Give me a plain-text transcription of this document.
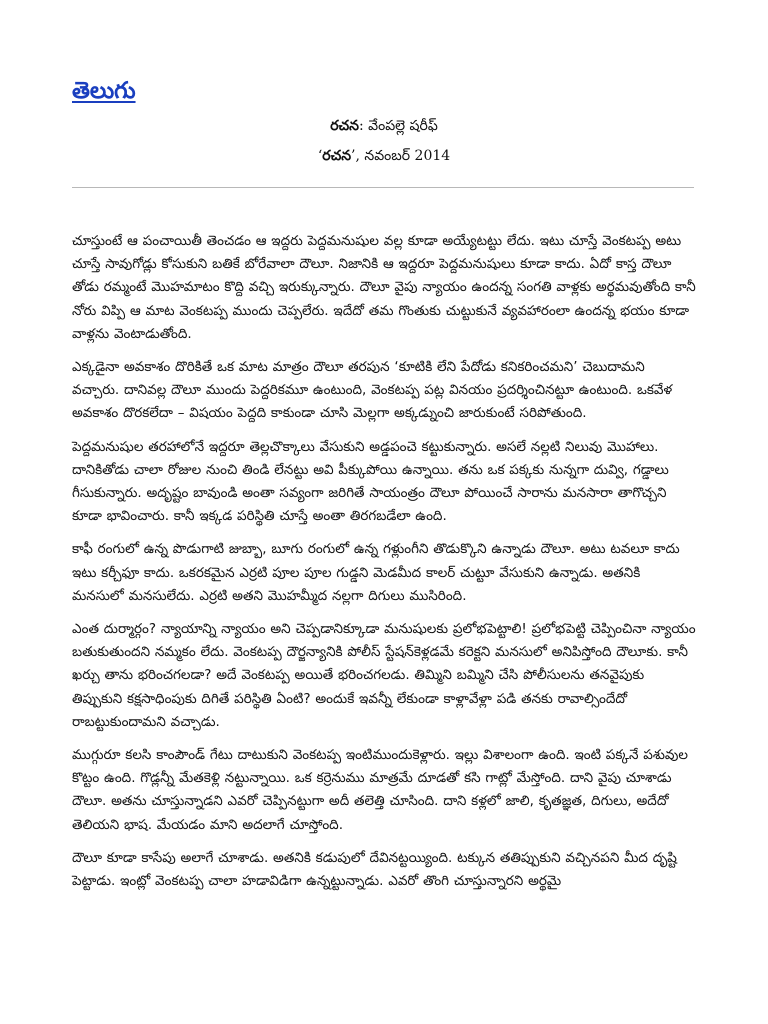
తెలుగు
రచన: వేంపల్లె షరీఫ్
‘రచన’, నవంబర్ 2014

చూస్తుంటే ఆ పంచాయితీ తెంచడం ఆ ఇద్దరు పెద్దమనుషుల వల్ల కూడా అయ్యేటట్టు లేదు. ఇటు చూస్తే వెంకటప్ప అటు చూస్తే సావుగోడ్లు కోసుకుని బతికే బోరేవాలా దౌలూ. నిజానికి ఆ ఇద్దరూ పెద్దమనుషులు కూడా కాదు. ఏదో కాస్త దౌలూ తోడు రమ్మంటే మొహమాటం కొద్ది వచ్చి ఇరుక్కున్నారు. దౌలూ వైపు న్యాయం ఉందన్న సంగతి వాళ్లకు అర్థమవుతోంది కానీ నోరు విప్పి ఆ మాట వెంకటప్ప ముందు చెప్పలేరు. ఇదేదో తమ గొంతుకు చుట్టుకునే వ్యవహారంలా ఉందన్న భయం కూడా వాళ్లను వెంటాడుతోంది.

ఎక్కడైనా అవకాశం దొరికితే ఒక మాట మాత్రం దౌలూ తరపున ‘కూటికి లేని పేదోడు కనికరించమని’ చెబుదామని వచ్చారు. దానివల్ల దౌలూ ముందు పెద్దరికమూ ఉంటుంది, వెంకటప్ప పట్ల వినయం ప్రదర్శించినట్టూ ఉంటుంది. ఒకవేళ అవకాశం దొరకలేదా – విషయం పెద్దది కాకుండా చూసి మెల్లగా అక్కడ్నుంచి జారుకుంటే సరిపోతుంది.

పెద్దమనుషుల తరహాలోనే ఇద్దరూ తెల్లచొక్కాలు వేసుకుని అడ్డపంచె కట్టుకున్నారు. అసలే నల్లటి నిలువు మొహాలు. దానికితోడు చాలా రోజుల నుంచి తిండి లేనట్టు అవి పీక్కుపోయి ఉన్నాయి. తను ఒక పక్కకు నున్నగా దువ్వి, గడ్డాలు గీసుకున్నారు. అదృష్టం బావుండి అంతా సవ్యంగా జరిగితే సాయంత్రం దౌలూ పోయించే సారాను మనసారా తాగొచ్చని కూడా భావించారు. కానీ ఇక్కడ పరిస్థితి చూస్తే అంతా తిరగబడేలా ఉంది.

కాఫీ రంగులో ఉన్న పొడుగాటి జుబ్బా, బూగు రంగులో ఉన్న గళ్లుంగీని తొడుక్కొని ఉన్నాడు దౌలూ. అటు టవలూ కాదు ఇటు కర్చీఫూ కాదు. ఒకరకమైన ఎర్రటి పూల పూల గుడ్డని మెడమీద కాలర్ చుట్టూ వేసుకుని ఉన్నాడు. అతనికి మనసులో మనసులేదు. ఎర్రటి అతని మొహమ్మీద నల్లగా దిగులు ముసిరింది.

ఎంత దుర్మార్గం? న్యాయాన్ని న్యాయం అని చెప్పడానిక్కూడా మనుషులకు ప్రలోభపెట్టాలి! ప్రలోభపెట్టి చెప్పించినా న్యాయం బతుకుతుందని నమ్మకం లేదు. వెంకటప్ప దౌర్జన్యానికి పోలీస్ స్టేషన్‌కెళ్లడమే కరెక్టని మనసులో అనిపిస్తోంది దౌలూకు. కానీ ఖర్చు తాను భరించగలడా? అదే వెంకటప్ప అయితే భరించగలడు. తిమ్మిని బమ్మిని చేసి పోలీసులను తనవైపుకు తిప్పుకుని కక్షసాధింపుకు దిగితే పరిస్థితి ఏంటి? అందుకే ఇవన్నీ లేకుండా కాళ్లావేళ్లా పడి తనకు రావాల్సిందేదో రాబట్టుకుందామని వచ్చాడు.

ముగ్గురూ కలసి కాంపౌండ్ గేటు దాటుకుని వెంకటప్ప ఇంటిముందుకెళ్లారు. ఇల్లు విశాలంగా ఉంది. ఇంటి పక్కనే పశువుల కొట్టం ఉంది. గొడ్లన్నీ మేతకెళ్లి నట్టున్నాయి. ఒక కర్రెనుము మాత్రమే దూడతో కసి గాట్లో మేస్తోంది. దాని వైపు చూశాడు దౌలూ. అతను చూస్తున్నాడని ఎవరో చెప్పినట్టుగా అదీ తలెత్తి చూసింది. దాని కళ్లలో జాలి, కృతజ్ఞత, దిగులు, అదేదో తెలియని భాష. మేయడం మాని అదలాగే చూస్తోంది.

దౌలూ కూడా కాసేపు అలాగే చూశాడు. అతనికి కడుపులో దేవినట్టయ్యింది. టక్కున తతిప్పుకుని వచ్చినపని మీద దృష్టి పెట్టాడు. ఇంట్లో వెంకటప్ప చాలా హడావిడిగా ఉన్నట్టున్నాడు. ఎవరో తొంగి చూస్తున్నారని అర్థమై
